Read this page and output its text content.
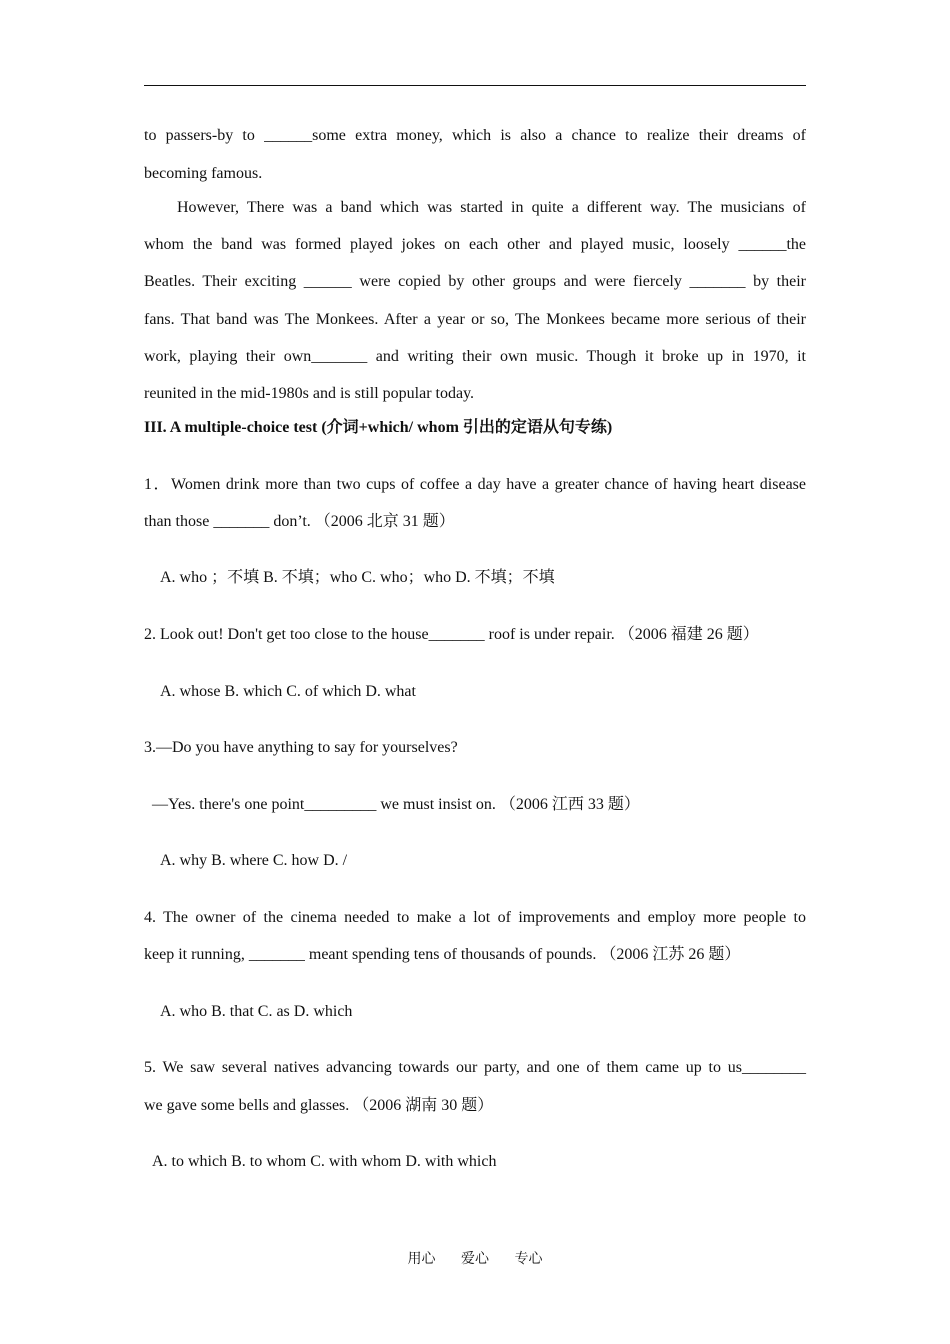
to passers-by to ______some extra money, which is also a chance to realize their dreams of
becoming famous.
However, There was a band which was started in quite a different way. The musicians of
whom the band was formed played jokes on each other and played music, loosely ______the
Beatles. Their exciting ______ were copied by other groups and were fiercely _______ by their
fans. That band was The Monkees. After a year or so, The Monkees became more serious of their
work, playing their own_______ and writing their own music. Though it broke up in 1970, it
reunited in the mid-1980s and is still popular today.
III. A multiple-choice test (介词+which/ whom 引出的定语从句专练)
1．Women drink more than two cups of coffee a day have a greater chance of having heart disease
than those _______ don’t. （2006 北京 31 题）
A. who ；不填 B. 不填；who C. who；who D. 不填；不填
2. Look out! Don't get too close to the house_______ roof is under repair. （2006 福建 26 题）
A. whose B. which C. of which D. what
3.—Do you have anything to say for yourselves?
—Yes. there's one point_________ we must insist on. （2006 江西 33 题）
A. why B. where C. how D. /
4. The owner of the cinema needed to make a lot of improvements and employ more people to
keep it running, _______ meant spending tens of thousands of pounds. （2006 江苏 26 题）
A. who B. that C. as D. which
5. We saw several natives advancing towards our party, and one of them came up to us________
we gave some bells and glasses. （2006 湖南 30 题）
A. to which B. to whom C. with whom D. with which
用心 爱心 专心
